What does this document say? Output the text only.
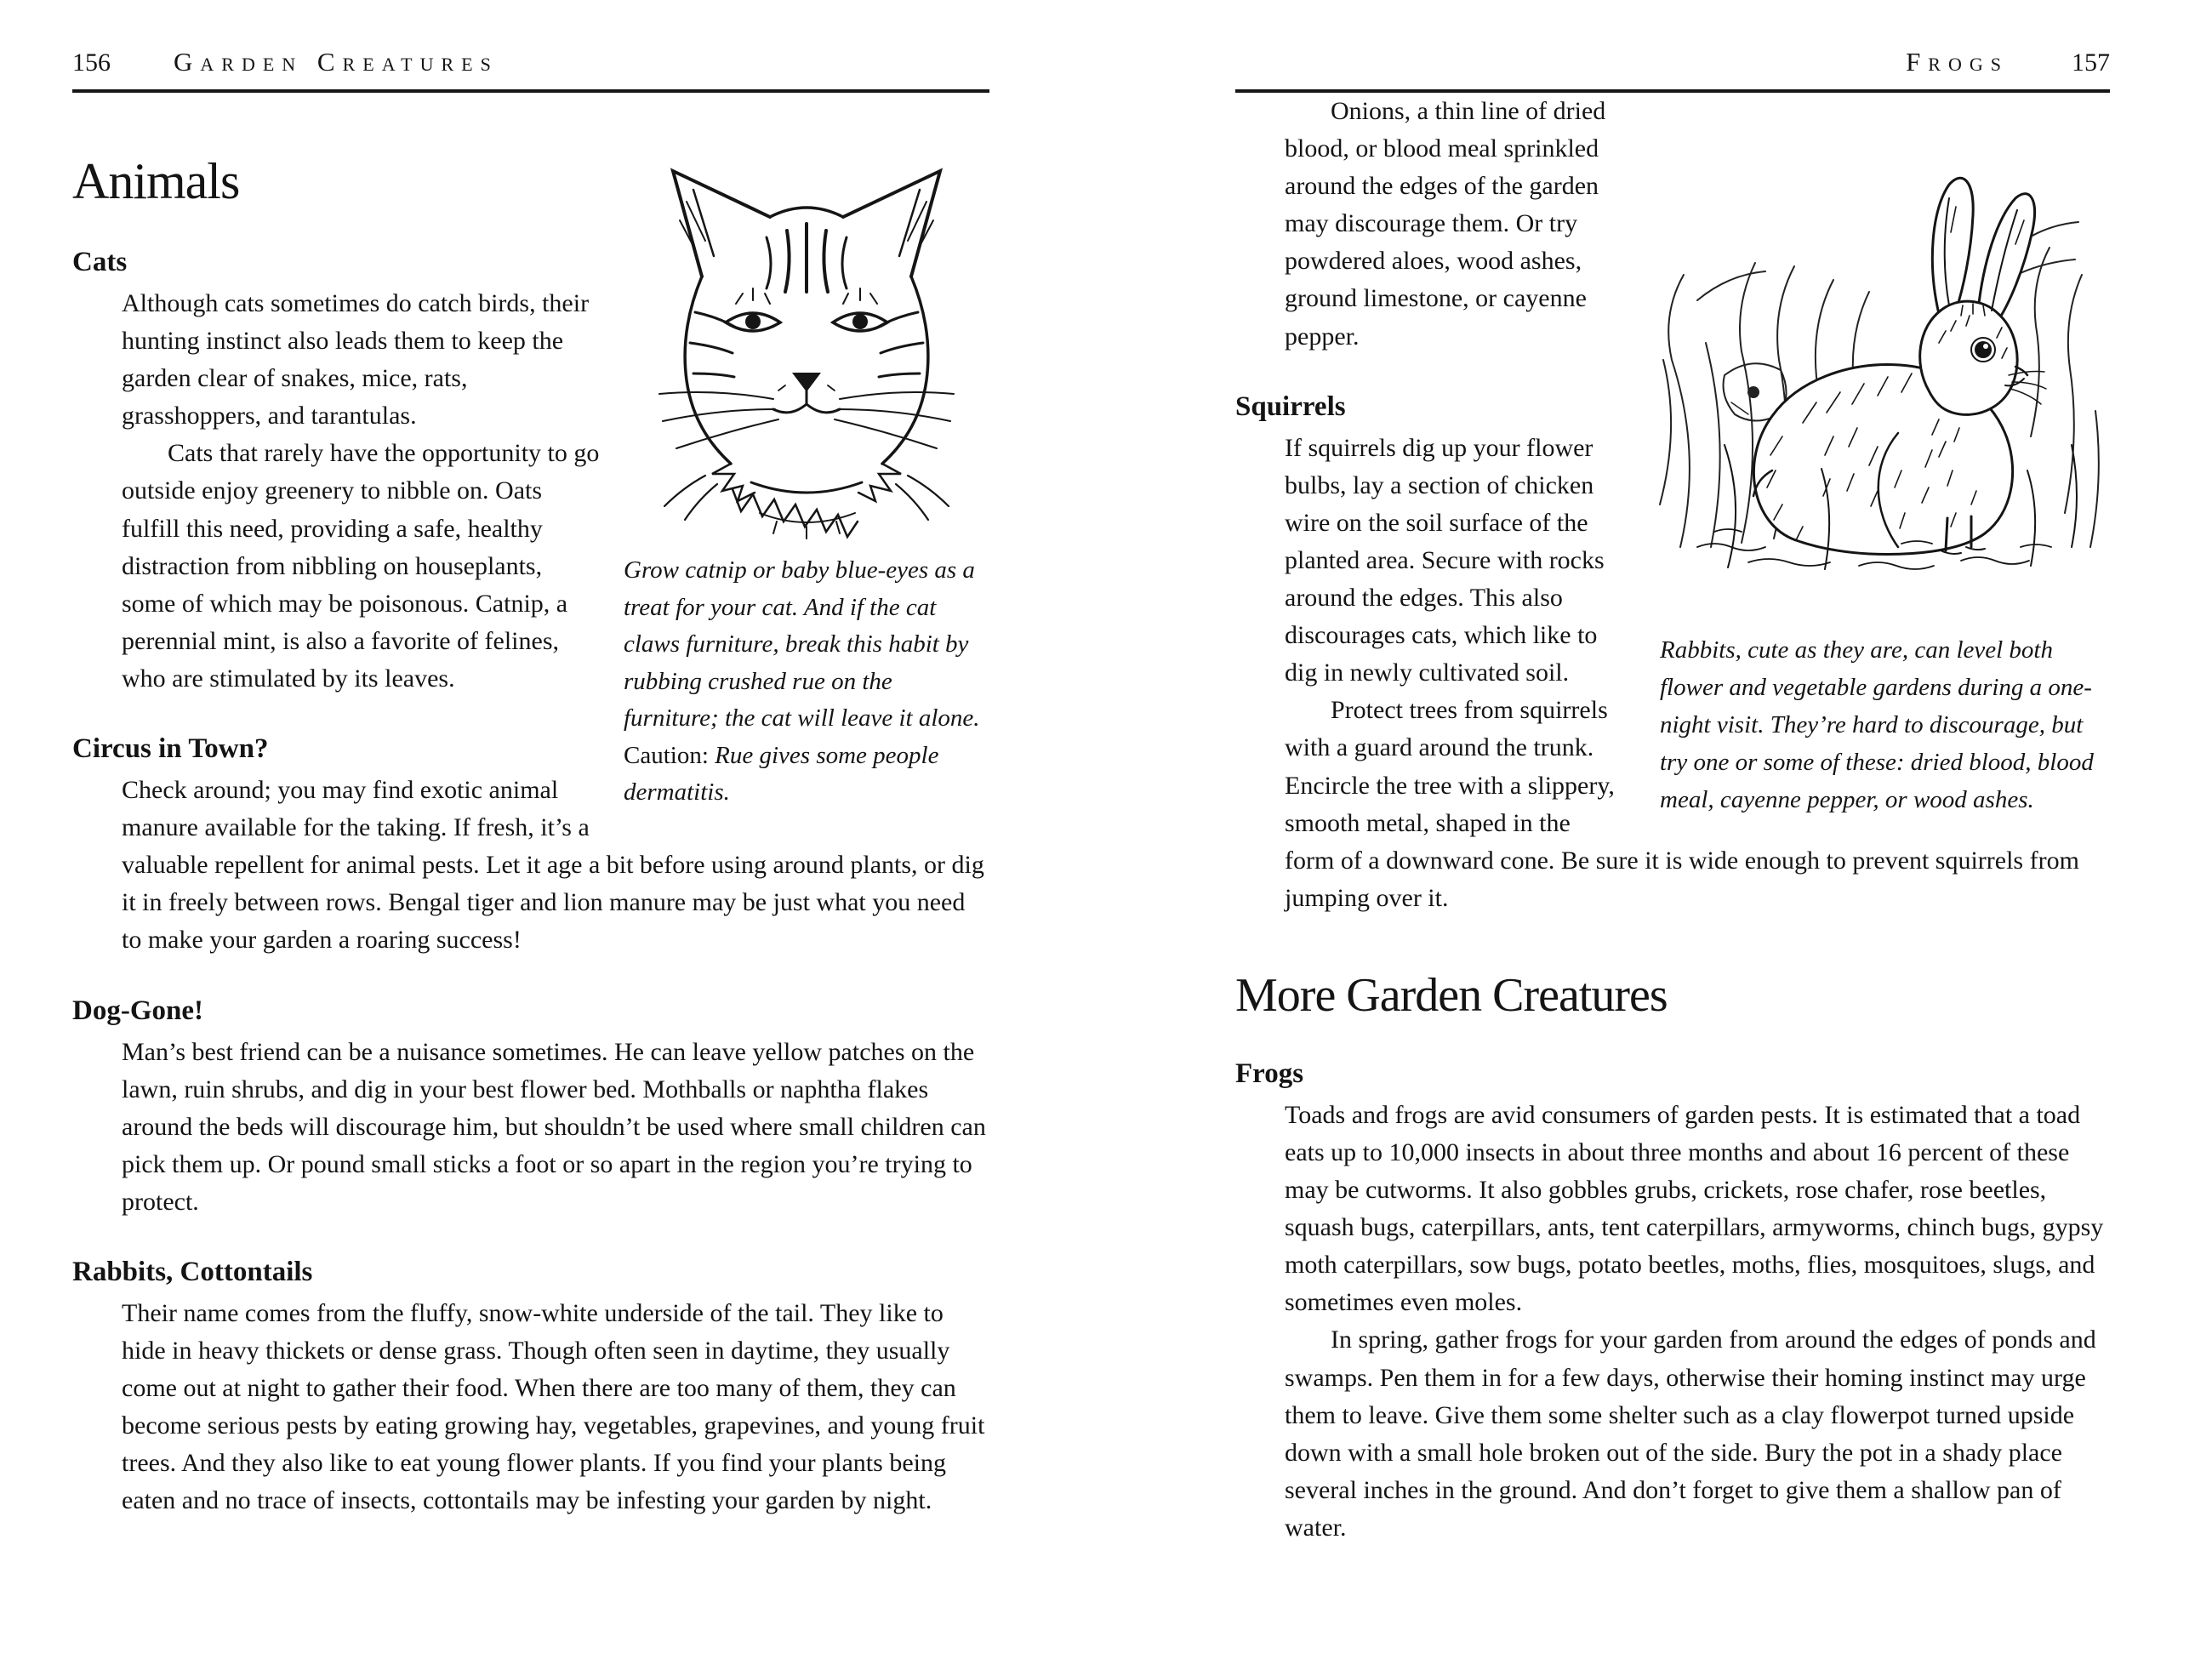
156 Garden Creatures

Grow catnip or baby blue-eyes as a treat for your cat. And if the cat claws furniture, break this habit by rubbing crushed rue on the furniture; the cat will leave it alone. Caution: Rue gives some people dermatitis.

Animals
Cats

Although cats sometimes do catch birds, their hunting instinct also leads them to keep the garden clear of snakes, mice, rats, grasshoppers, and tarantulas.

Cats that rarely have the opportunity to go outside enjoy greenery to nibble on. Oats fulfill this need, providing a safe, healthy distraction from nibbling on houseplants, some of which may be poisonous. Catnip, a perennial mint, is also a favorite of felines, who are stimulated by its leaves.

Circus in Town?

Check around; you may find exotic animal manure available for the taking. If fresh, it’s a valuable repellent for animal pests. Let it age a bit before using around plants, or dig it in freely between rows. Bengal tiger and lion manure may be just what you need to make your garden a roaring success!

Dog-Gone!

Man’s best friend can be a nuisance sometimes. He can leave yellow patches on the lawn, ruin shrubs, and dig in your best flower bed. Mothballs or naphtha flakes around the beds will discourage him, but shouldn’t be used where small children can pick them up. Or pound small sticks a foot or so apart in the region you’re trying to protect.

Rabbits, Cottontails

Their name comes from the fluffy, snow-white underside of the tail. They like to hide in heavy thickets or dense grass. Though often seen in daytime, they usually come out at night to gather their food. When there are too many of them, they can become serious pests by eating growing hay, vegetables, grapevines, and young fruit trees. And they also like to eat young flower plants. If you find your plants being eaten and no trace of insects, cottontails may be infesting your garden by night.

Frogs 157

Rabbits, cute as they are, can level both flower and vegetable gardens during a one-night visit. They’re hard to discourage, but try one or some of these: dried blood, blood meal, cayenne pepper, or wood ashes.

Onions, a thin line of dried blood, or blood meal sprinkled around the edges of the garden may discourage them. Or try powdered aloes, wood ashes, ground limestone, or cayenne pepper.

Squirrels

If squirrels dig up your flower bulbs, lay a section of chicken wire on the soil surface of the planted area. Secure with rocks around the edges. This also discourages cats, which like to dig in newly cultivated soil.

Protect trees from squirrels with a guard around the trunk. Encircle the tree with a slippery, smooth metal, shaped in the form of a downward cone. Be sure it is wide enough to prevent squirrels from jumping over it.

More Garden Creatures
Frogs

Toads and frogs are avid consumers of garden pests. It is estimated that a toad eats up to 10,000 insects in about three months and about 16 percent of these may be cutworms. It also gobbles grubs, crickets, rose chafer, rose beetles, squash bugs, caterpillars, ants, tent caterpillars, armyworms, chinch bugs, gypsy moth caterpillars, sow bugs, potato beetles, moths, flies, mosquitoes, slugs, and sometimes even moles.

In spring, gather frogs for your garden from around the edges of ponds and swamps. Pen them in for a few days, otherwise their homing instinct may urge them to leave. Give them some shelter such as a clay flowerpot turned upside down with a small hole broken out of the side. Bury the pot in a shady place several inches in the ground. And don’t forget to give them a shallow pan of water.
